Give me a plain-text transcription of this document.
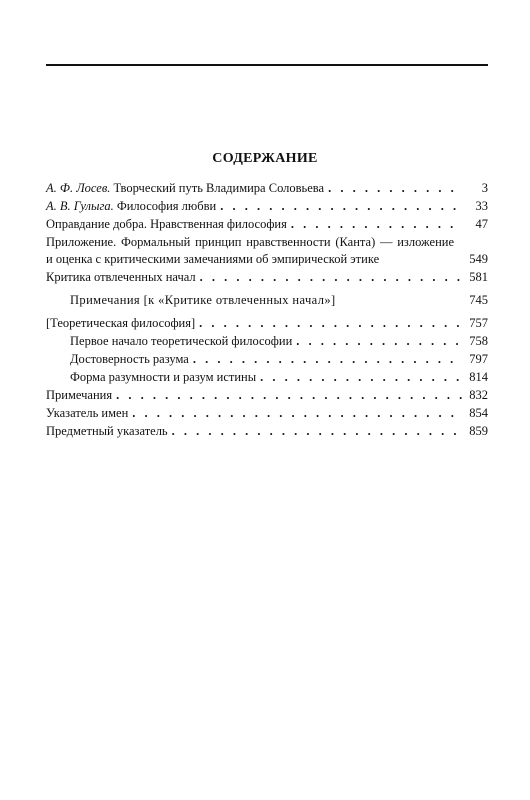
СОДЕРЖАНИЕ
А. Ф. Лосев. Творческий путь Владимира Соловьева . . .	3
А. В. Гулыга. Философия любви . . .	33
Оправдание добра. Нравственная философия . . .	47
Приложение. Формальный принцип нравственности (Канта) — изложение и оценка с критическими замечаниями об эмпирической этике	549
Критика отвлеченных начал . . .	581
Примечания [к «Критике отвлеченных начал»]	745
[Теоретическая философия] . . .	757
Первое начало теоретической философии . . .	758
Достоверность разума . . .	797
Форма разумности и разум истины . . .	814
Примечания . . .	832
Указатель имен . . .	854
Предметный указатель . . .	859
